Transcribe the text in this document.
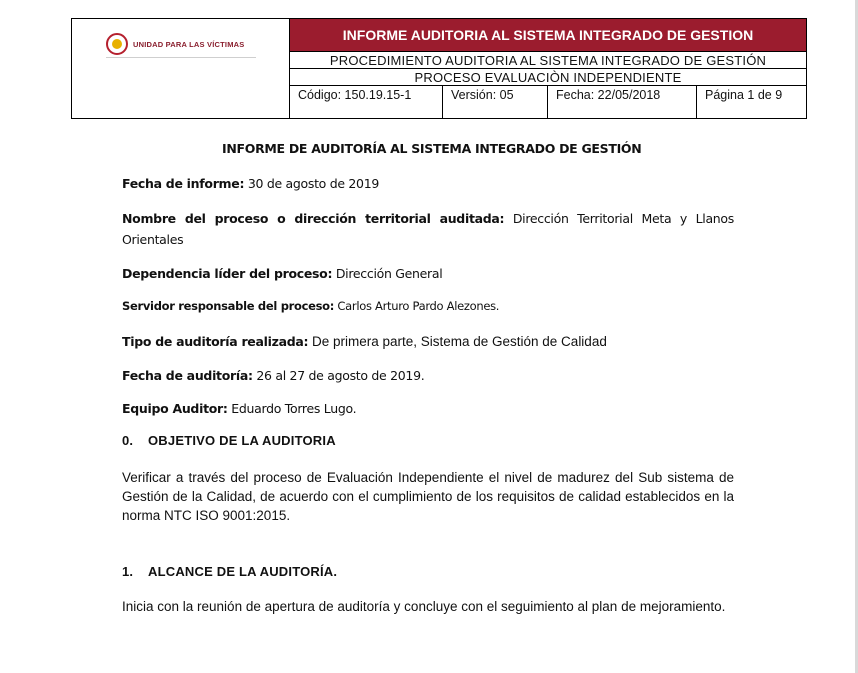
UNIDAD PARA LAS VÍCTIMAS
INFORME AUDITORIA AL SISTEMA INTEGRADO DE GESTION
PROCEDIMIENTO AUDITORIA AL SISTEMA INTEGRADO DE GESTIÓN
PROCESO EVALUACIÒN INDEPENDIENTE
Código: 150.19.15-1	Versión: 05	Fecha: 22/05/2018	Página 1 de 9
INFORME DE AUDITORÍA AL SISTEMA INTEGRADO DE GESTIÓN
Fecha de informe: 30 de agosto de 2019
Nombre del proceso o dirección territorial auditada: Dirección Territorial Meta y Llanos Orientales
Dependencia líder del proceso: Dirección General
Servidor responsable del proceso: Carlos Arturo Pardo Alezones.
Tipo de auditoría realizada: De primera parte, Sistema de Gestión de Calidad
Fecha de auditoría: 26 al 27 de agosto de 2019.
Equipo Auditor: Eduardo Torres Lugo.
0. OBJETIVO DE LA AUDITORIA
Verificar a través del proceso de Evaluación Independiente el nivel de madurez del Sub sistema de Gestión de la Calidad, de acuerdo con el cumplimiento de los requisitos de calidad establecidos en la norma NTC ISO 9001:2015.
1. ALCANCE DE LA AUDITORÍA.
Inicia con la reunión de apertura de auditoría y concluye con el seguimiento al plan de mejoramiento.
